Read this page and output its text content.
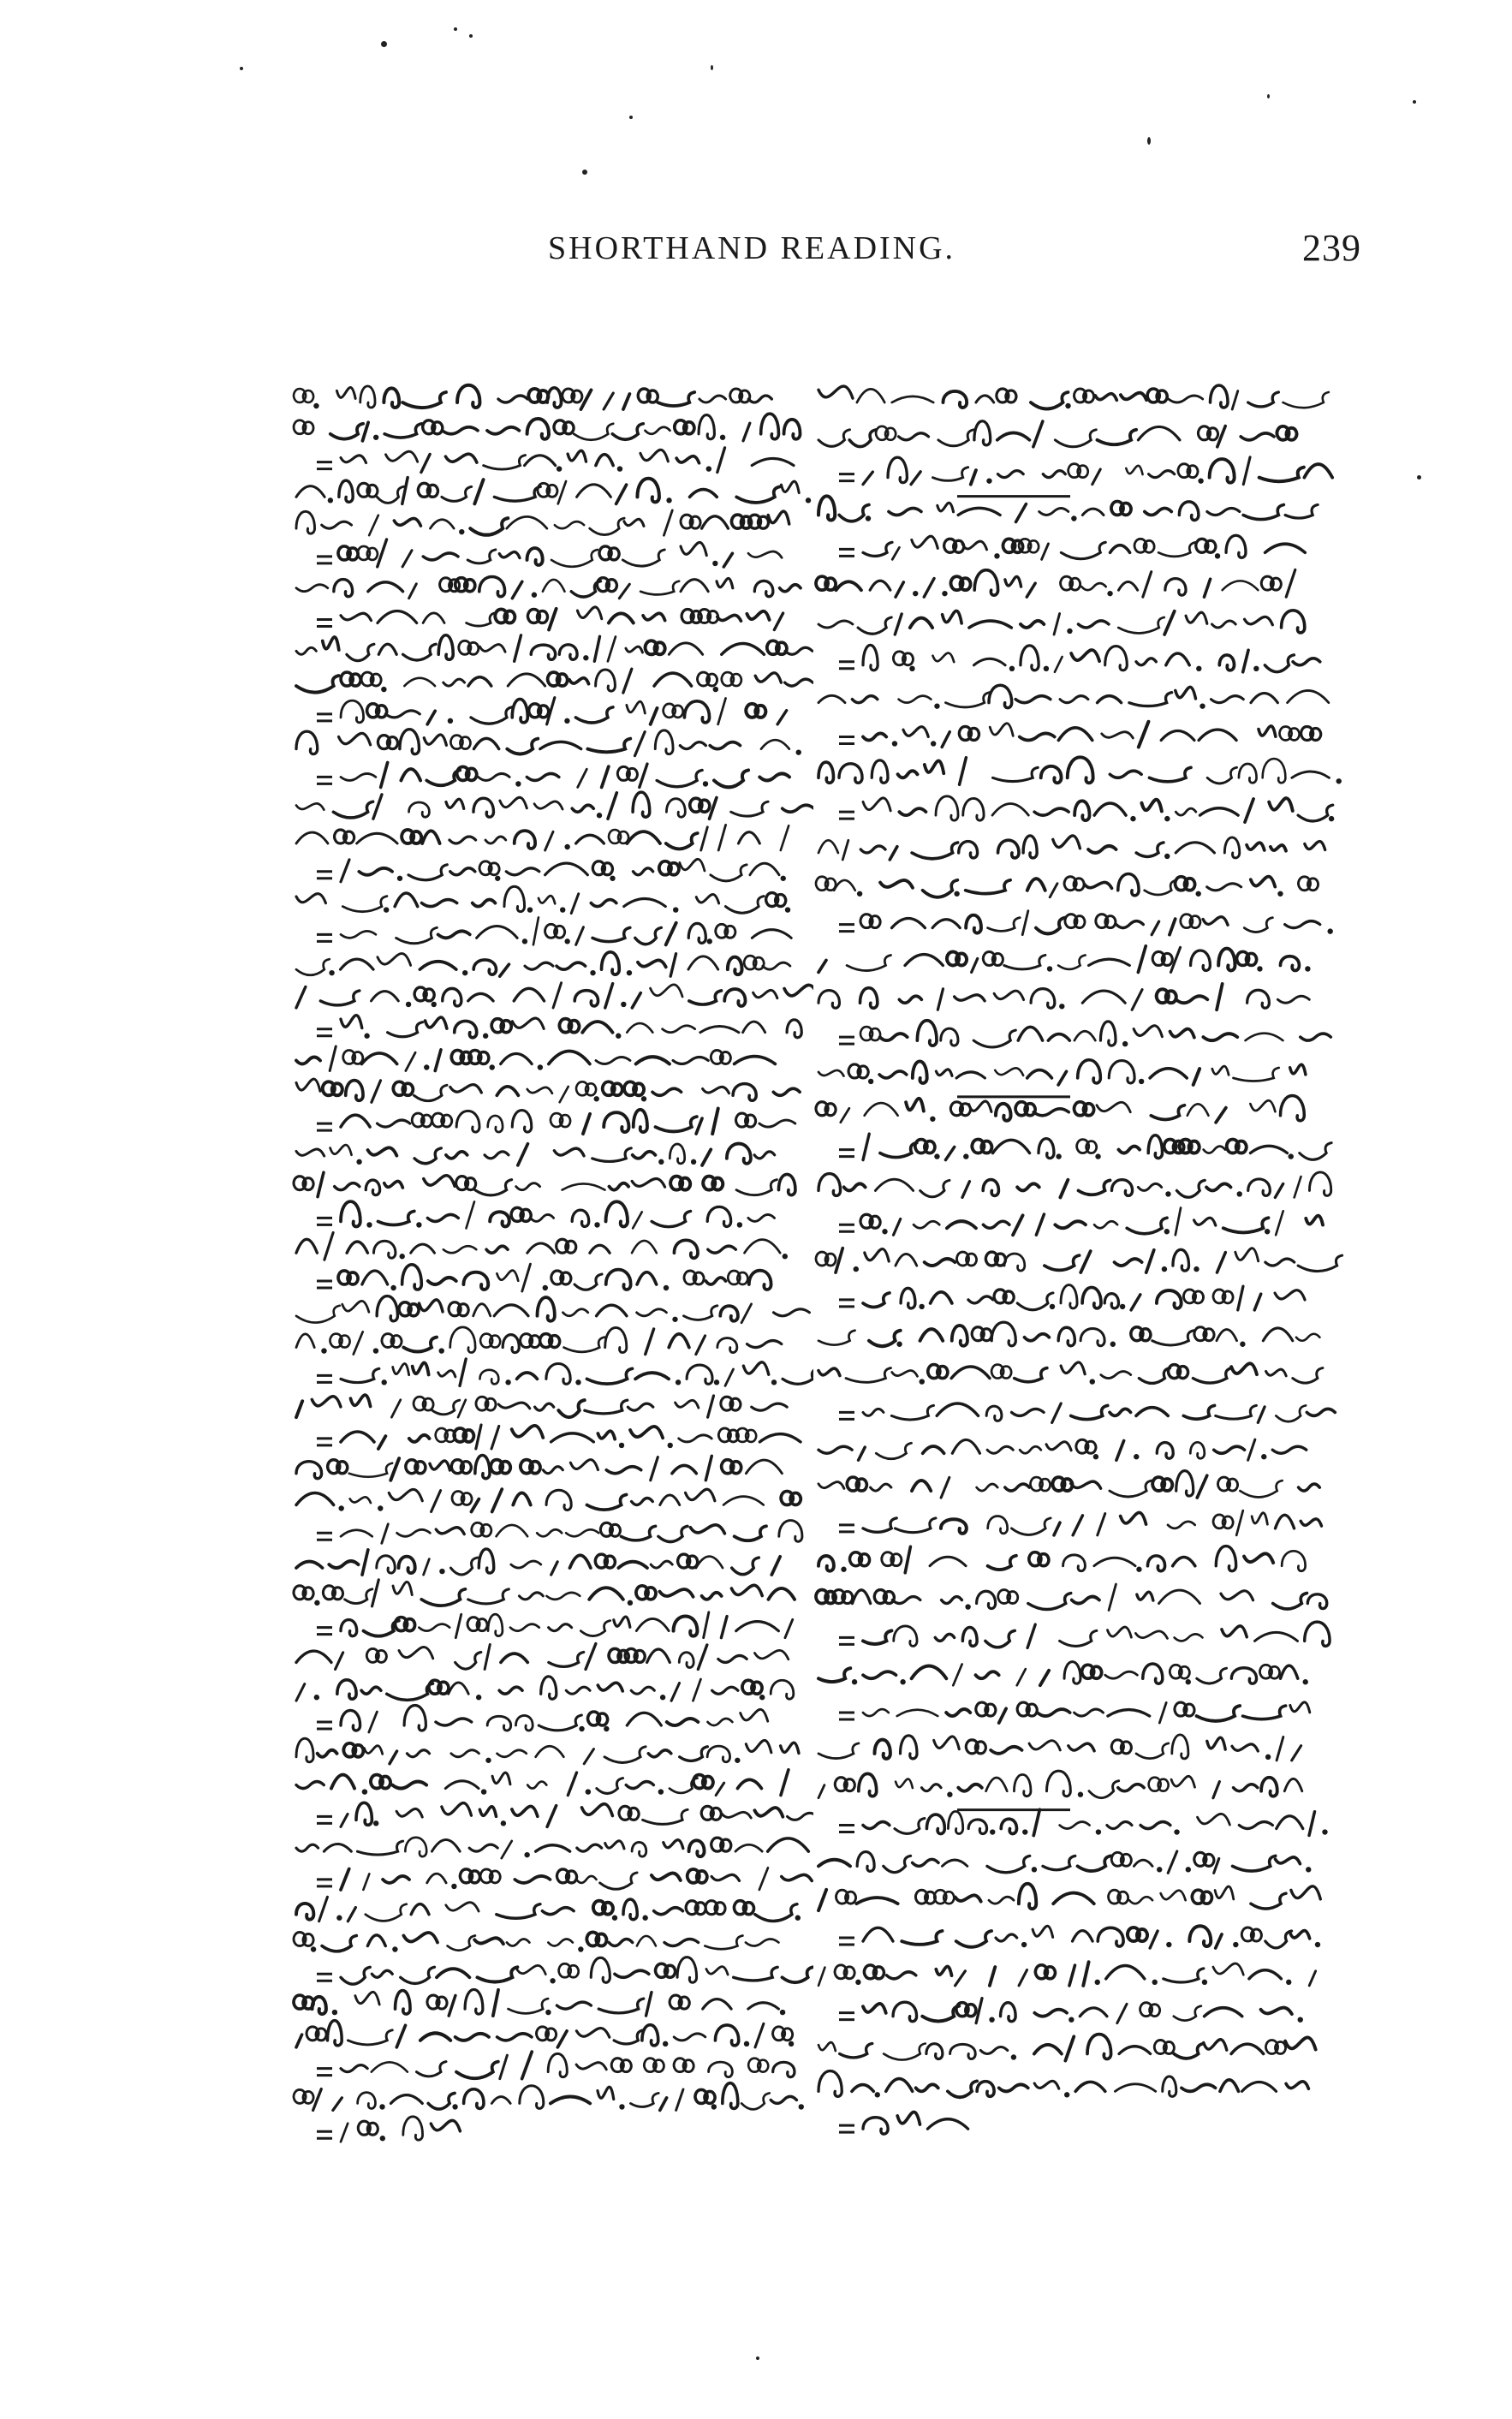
SHORTHAND READING.	239
